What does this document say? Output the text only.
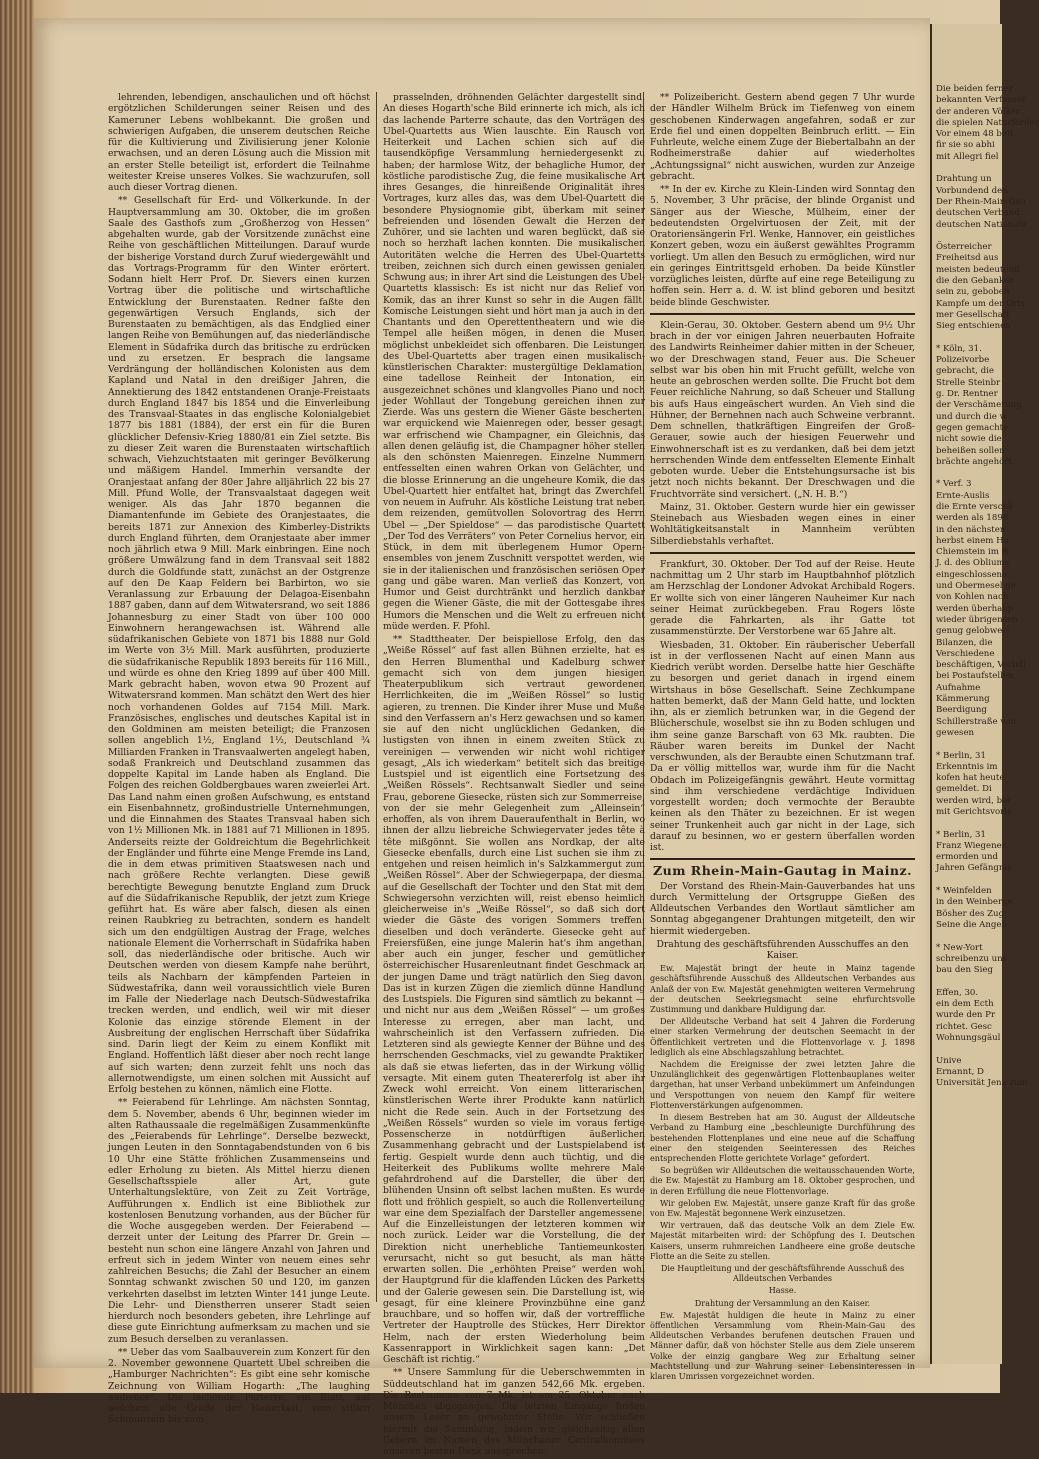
lehrenden, lebendigen, anschaulichen und oft höchst ergötzlichen Schilderungen seiner Reisen und des Kameruner Lebens wohlbekannt. Die großen und schwierigen Aufgaben, die unserem deutschen Reiche für die Kultivierung und Zivilisierung jener Kolonie erwachsen, und an deren Lösung auch die Mission mit an erster Stelle beteiligt ist, erfordert die Teilnahme weitester Kreise unseres Volkes. Sie wachzurufen, soll auch dieser Vortrag dienen.

** Gesellschaft für Erd- und Völkerkunde. In der Hauptversammlung am 30. Oktober, die im großen Saale des Gasthofs zum „Großherzog von Hessen“ abgehalten wurde, gab der Vorsitzende zunächst eine Reihe von geschäftlichen Mitteilungen. Darauf wurde der bisherige Vorstand durch Zuruf wiedergewählt und das Vortrags-Programm für den Winter erörtert. Sodann hielt Herr Prof. Dr. Sievers einen kurzen Vortrag über die politische und wirtschaftliche Entwicklung der Burenstaaten. Redner faßte den gegenwärtigen Versuch Englands, sich der Burenstaaten zu bemächtigen, als das Endglied einer langen Reihe von Bemühungen auf, das niederländische Element in Südafrika durch das britische zu erdrücken und zu ersetzen. Er besprach die langsame Verdrängung der holländischen Kolonisten aus dem Kapland und Natal in den dreißiger Jahren, die Annektierung des 1842 entstandenen Oranje-Freistaats durch England 1847 bis 1854 und die Einverleibung des Transvaal-Staates in das englische Kolonialgebiet 1877 bis 1881 (1884), der erst ein für die Buren glücklicher Defensiv-Krieg 1880/81 ein Ziel setzte. Bis zu dieser Zeit waren die Burenstaaten wirtschaftlich schwach, Viehzuchtstaaten mit geringer Bevölkerung und mäßigem Handel. Immerhin versandte der Oranjestaat anfang der 80er Jahre alljährlich 22 bis 27 Mill. Pfund Wolle, der Transvaalstaat dagegen weit weniger. Als das Jahr 1870 begannen die Diamantenfunde im Gebiete des Oranjestaates, die bereits 1871 zur Annexion des Kimberley-Distrikts durch England führten, dem Oranjestaate aber immer noch jährlich etwa 9 Mill. Mark einbringen. Eine noch größere Umwälzung fand in dem Transvaal seit 1882 durch die Goldfunde statt, zunächst an der Ostgrenze auf den De Kaap Feldern bei Barbirton, wo sie Veranlassung zur Erbauung der Delagoa-Eisenbahn 1887 gaben, dann auf dem Witwatersrand, wo seit 1886 Johannesburg zu einer Stadt von über 100 000 Einwohnern herangewachsen ist. Während alle südafrikanischen Gebiete von 1871 bis 1888 nur Gold im Werte von 3½ Mill. Mark ausführten, produzierte die südafrikanische Republik 1893 bereits für 116 Mill., und würde es ohne den Krieg 1899 auf über 400 Mill. Mark gebracht haben, wovon etwa 90 Prozent auf Witwatersrand kommen. Man schätzt den Wert des hier noch vorhandenen Goldes auf 7154 Mill. Mark. Französisches, englisches und deutsches Kapital ist in den Goldminen am meisten beteiligt; die Franzosen sollen angeblich 1½, England 1½, Deutschland ¾ Milliarden Franken in Transvaalwerten angelegt haben, sodaß Frankreich und Deutschland zusammen das doppelte Kapital im Lande haben als England. Die Folgen des reichen Goldbergbaues waren zweierlei Art. Das Land nahm einen großen Aufschwung, es entstand ein Eisenbahnnetz, großindustrielle Unternehmungen, und die Einnahmen des Staates Transvaal haben sich von 1½ Millionen Mk. in 1881 auf 71 Millionen in 1895. Anderseits reizte der Goldreichtum die Begehrlichkeit der Engländer und führte eine Menge Fremde ins Land, die in dem etwas primitiven Staatswesen nach und nach größere Rechte verlangten. Diese gewiß berechtigte Bewegung benutzte England zum Druck auf die Südafrikanische Republik, der jetzt zum Kriege geführt hat. Es wäre aber falsch, diesen als einen reinen Raubkrieg zu betrachten, sondern es handelt sich um den endgültigen Austrag der Frage, welches nationale Element die Vorherrschaft in Südafrika haben soll, das niederländische oder britische. Auch wir Deutschen werden von diesem Kampfe nahe berührt, teils als Nachbarn der kämpfenden Parteien in Südwestafrika, dann weil voraussichtlich viele Buren im Falle der Niederlage nach Deutsch-Südwestafrika trecken werden, und endlich, weil wir mit dieser Kolonie das einzige störende Element in der Ausbreitung der englischen Herrschaft über Südafrika sind. Darin liegt der Keim zu einem Konflikt mit England. Hoffentlich läßt dieser aber noch recht lange auf sich warten; denn zurzeit fehlt uns noch das allernotwendigste, um einen solchen mit Aussicht auf Erfolg bestehen zu können, nämlich eine Flotte.

** Feierabend für Lehrlinge. Am nächsten Sonntag, dem 5. November, abends 6 Uhr, beginnen wieder im alten Rathaussaale die regelmäßigen Zusammenkünfte des „Feierabends für Lehrlinge“. Derselbe bezweckt, jungen Leuten in den Sonntagabendstunden von 6 bis 10 Uhr eine Stätte fröhlichen Zusammenseins und edler Erholung zu bieten. Als Mittel hierzu dienen Gesellschaftsspiele aller Art, gute Unterhaltungslektüre, von Zeit zu Zeit Vorträge, Aufführungen x. Endlich ist eine Bibliothek zur kostenlosen Benutzung vorhanden, aus der Bücher für die Woche ausgegeben werden. Der Feierabend — derzeit unter der Leitung des Pfarrer Dr. Grein — besteht nun schon eine längere Anzahl von Jahren und erfreut sich in jedem Winter von neuem eines sehr zahlreichen Besuchs; die Zahl der Besucher an einem Sonntag schwankt zwischen 50 und 120, im ganzen verkehrten daselbst im letzten Winter 141 junge Leute. Die Lehr- und Dienstherren unserer Stadt seien hierdurch noch besonders gebeten, ihre Lehrlinge auf diese gute Einrichtung aufmerksam zu machen und sie zum Besuch derselben zu veranlassen.

** Ueber das vom Saalbauverein zum Konzert für den 2. November gewonnene Quartett Ubel schreiben die „Hamburger Nachrichten“: Es gibt eine sehr komische Zeichnung von William Hogarth: „The laughing audience“. Die lachende Parterre, ein Blatt, auf welchem alle Grade der Heiterkeit, vom stillen Schmunzeln bis zum

prasselnden, dröhnenden Gelächter dargestellt sind. An dieses Hogarth'sche Bild erinnerte ich mich, als ich das lachende Parterre schaute, das den Vorträgen des Ubel-Quartetts aus Wien lauschte. Ein Rausch von Heiterkeit und Lachen schien sich auf die tausendköpfige Versammlung herniedergesenkt zu haben; der harmlose Witz, der behagliche Humor, der köstliche parodistische Zug, die feine musikalische Art ihres Gesanges, die hinreißende Originalität ihres Vortrages, kurz alles das, was dem Ubel-Quartett die besondere Physiognomie gibt, überkam mit seiner befreienden und lösenden Gewalt die Herzen der Zuhörer, und sie lachten und waren beglückt, daß sie noch so herzhaft lachen konnten. Die musikalischen Autoritäten welche die Herren des Ubel-Quartetts treiben, zeichnen sich durch einen gewissen genialen Schwung aus; in ihrer Art sind die Leistungen des Ubel-Quartetts klassisch: Es ist nicht nur das Relief von Komik, das an ihrer Kunst so sehr in die Augen fällt. Komische Leistungen sieht und hört man ja auch in den Chantants und den Operettentheatern und wie die Tempel alle heißen mögen, in denen die Musen möglichst unbekleidet sich offenbaren. Die Leistungen des Ubel-Quartetts aber tragen einen musikalisch-künstlerischen Charakter: mustergültige Deklamation, eine tadellose Reinheit der Intonation, ein ausgezeichnet schönes und klangvolles Piano und noch jeder Wohllaut der Tongebung gereichen ihnen zur Zierde. Was uns gestern die Wiener Gäste bescherten, war erquickend wie Maienregen oder, besser gesagt, war erfrischend wie Champagner, ein Gleichnis, das allen denen geläufig ist, die Champagner höher stellen als den schönsten Maienregen. Einzelne Nummern entfesselten einen wahren Orkan von Gelächter, und die blosse Erinnerung an die ungeheure Komik, die das Ubel-Quartett hier entfaltet hat, bringt das Zwerchfell von neuem in Aufruhr. Als köstliche Leistung trat neben dem reizenden, gemütvollen Solovortrag des Herrn Ubel — „Der Spieldose“ — das parodistische Quartett „Der Tod des Verräters“ von Peter Cornelius hervor, ein Stück, in dem mit überlegenem Humor Opern-ensembles von jenem Zuschnitt verspottet werden, wie sie in der italienischen und französischen seriösen Oper gang und gäbe waren. Man verließ das Konzert, von Humor und Geist durchtränkt und herzlich dankbar gegen die Wiener Gäste, die mit der Gottesgabe ihres Humors die Menschen und die Welt zu erfreuen nicht müde werden. F. Pfohl.

** Stadttheater. Der beispiellose Erfolg, den das „Weiße Rössel“ auf fast allen Bühnen erzielte, hat es den Herren Blumenthal und Kadelburg schwer gemacht sich von dem jungen hiesigen Theaterpublikum sich vertraut gewordenen Herrlichkeiten, die im „Weißen Rössel“ so lustig agieren, zu trennen. Die Kinder ihrer Muse und Muße sind den Verfassern an's Herz gewachsen und so kamen sie auf den nicht unglücklichen Gedanken, die lustigsten von ihnen in einem zweiten Stück zu vereinigen — verwenden wir nicht wohl richtiger gesagt, „Als ich wiederkam“ betitelt sich das breitige Lustspiel und ist eigentlich eine Fortsetzung des „Weißen Rössels“. Rechtsanwalt Siedler und seine Frau, geborene Giesecke, rüsten sich zur Sommerreise, von der sie mehr Gelegenheit zum „Alleinsein“ erhoffen, als von ihrem Daueraufenthalt in Berlin, wo ihnen der allzu liebreiche Schwiegervater jedes tête à tête mißgönnt. Sie wollen ans Nordkap, der alte Giesecke ebenfalls, durch eine List suchen sie ihm zu entgehen und reisen heimlich in's Salzkammergut zum „Weißen Rössel“. Aber der Schwiegerpapa, der diesmal auf die Gesellschaft der Tochter und den Stat mit dem Schwiegersohn verzichten will, reist ebenso heimlich gleicherweise in's „Weiße Rössel“, so daß sich dort wieder die Gäste des vorigen Sommers treffen: dieselben und doch veränderte. Giesecke geht auf Freiersfüßen, eine junge Malerin hat's ihm angethan, aber auch ein junger, fescher und gemütlicher österreichischer Husarenleutnant findet Geschmack an der jungen Dame und trägt natürlich den Sieg davon. Das ist in kurzen Zügen die ziemlich dünne Handlung des Lustspiels. Die Figuren sind sämtlich zu bekannt — und nicht nur aus dem „Weißen Rössel“ — um großes Interesse zu erregen, aber man lacht, und wahrscheinlich ist den Verfassern zufrieden. Die Letzteren sind als gewiegte Kenner der Bühne und des herrschenden Geschmacks, viel zu gewandte Praktiker, als daß sie etwas lieferten, das in der Wirkung völlig versagte. Mit einem guten Theatererfolg ist aber ihr Zweck wohl erreicht. Von einem litterarischen, künstlerischen Werte ihrer Produkte kann natürlich nicht die Rede sein. Auch in der Fortsetzung des „Weißen Rössels“ wurden so viele im voraus fertige Possenscherze in notdürftigen äußerlichen Zusammenhang gebracht und der Lustspielabend ist fertig. Gespielt wurde denn auch tüchtig, und die Heiterkeit des Publikums wollte mehrere Male gefahrdrohend auf die Darsteller, die über den blühenden Unsinn oft selbst lachen mußten. Es wurde flott und fröhlich gespielt, so auch die Rollenverteilung war eine dem Spezialfach der Darsteller angemessene. Auf die Einzelleistungen der letzteren kommen wir noch zurück. Leider war die Vorstellung, die der Direktion nicht unerhebliche Tantiemeunkosten verursacht, nicht so gut besucht, als man hätte erwarten sollen. Die „erhöhten Preise“ werden wohl der Hauptgrund für die klaffenden Lücken des Parketts und der Galerie gewesen sein. Die Darstellung ist, wie gesagt, für eine kleinere Provinzbühne eine ganz brauchbare, und so hoffen wir, daß der vortreffliche Vertreter der Hauptrolle des Stückes, Herr Direktor Helm, nach der ersten Wiederholung beim Kassenrapport in Wirklichkeit sagen kann: „Det Geschäft ist richtig.“

** Unsere Sammlung für die Ueberschwemmten in Süddeutschland hat im ganzen 542,66 Mk. ergeben. Die Restsumme von 7 Mk. ist am 25. Oktober nach München abgegangen. Die letzten Eingänge finden unsere Leser an gewohnter Stelle. Wir schließen hiermit die Sammlung, indem wir gleichzeitig allen Gebern im Namen des Münchener Centralkomitees unseren besten Dank aussprechen.

** Polizeibericht. Gestern abend gegen 7 Uhr wurde der Händler Wilhelm Brück im Tiefenweg von einem geschobenen Kinderwagen angefahren, sodaß er zur Erde fiel und einen doppelten Beinbruch erlitt. — Ein Fuhrleute, welche einem Zuge der Biebertalbahn an der Rodheimerstraße dahier auf wiederholtes „Achtungssignal“ nicht auswichen, wurden zur Anzeige gebracht.

** In der ev. Kirche zu Klein-Linden wird Sonntag den 5. November, 3 Uhr präcise, der blinde Organist und Sänger aus der Wiesche, Mülheim, einer der bedeutendsten Orgelvirtuosen der Zeit, mit der Oratoriensängerin Frl. Wenke, Hannover, ein geistliches Konzert geben, wozu ein äußerst gewähltes Programm vorliegt. Um allen den Besuch zu ermöglichen, wird nur ein geringes Eintrittsgeld erhoben. Da beide Künstler vorzügliches leisten, dürfte auf eine rege Beteiligung zu hoffen sein. Herr a. d. W. ist blind geboren und besitzt beide blinde Geschwister.

Klein-Gerau, 30. Oktober. Gestern abend um 9½ Uhr brach in der vor einigen Jahren neuerbauten Hofraite des Landwirts Reinheimer dahier mitten in der Scheuer, wo der Dreschwagen stand, Feuer aus. Die Scheuer selbst war bis oben hin mit Frucht gefüllt, welche von heute an gebroschen werden sollte. Die Frucht bot dem Feuer reichliche Nahrung, so daß Scheuer und Stallung bis aufs Haus eingeäschert wurden. An Vieh sind die Hühner, der Bernehnen nach auch Schweine verbrannt. Dem schnellen, thatkräftigen Eingreifen der Groß-Gerauer, sowie auch der hiesigen Feuerwehr und Einwohnerschaft ist es zu verdanken, daß bei dem jetzt herrschenden Winde dem entfesselten Elemente Einhalt geboten wurde. Ueber die Entstehungsursache ist bis jetzt noch nichts bekannt. Der Dreschwagen und die Fruchtvorräte sind versichert. („N. H. B.“)

Mainz, 31. Oktober. Gestern wurde hier ein gewisser Steinebach aus Wiesbaden wegen eines in einer Wohltätigkeitsanstalt in Mannheim verübten Silberdiebstahls verhaftet.

Frankfurt, 30. Oktober. Der Tod auf der Reise. Heute nachmittag um 2 Uhr starb im Hauptbahnhof plötzlich am Herzschlag der Londoner Advokat Archibald Rogers. Er wollte sich von einer längeren Nauheimer Kur nach seiner Heimat zurückbegeben. Frau Rogers löste gerade die Fahrkarten, als ihr Gatte tot zusammenstürzte. Der Verstorbene war 65 Jahre alt.

Wiesbaden, 31. Oktober. Ein räuberischer Ueberfall ist in der verflossenen Nacht auf einen Mann aus Kiedrich verübt worden. Derselbe hatte hier Geschäfte zu besorgen und geriet danach in irgend einem Wirtshaus in böse Gesellschaft. Seine Zechkumpane hatten bemerkt, daß der Mann Geld hatte, und lockten ihn, als er ziemlich betrunken war, in die Gegend der Blücherschule, woselbst sie ihn zu Boden schlugen und ihm seine ganze Barschaft von 63 Mk. raubten. Die Räuber waren bereits im Dunkel der Nacht verschwunden, als der Beraubte einen Schutzmann traf. Da er völlig mittellos war, wurde ihm für die Nacht Obdach im Polizeigefängnis gewährt. Heute vormittag sind ihm verschiedene verdächtige Individuen vorgestellt worden; doch vermochte der Beraubte keinen als den Thäter zu bezeichnen. Er ist wegen seiner Trunkenheit auch gar nicht in der Lage, sich darauf zu besinnen, wo er gestern überfallen worden ist.

Zum Rhein-Main-Gautag in Mainz.

Der Vorstand des Rhein-Main-Gauverbandes hat uns durch Vermittelung der Ortsgruppe Gießen des Alldeutschen Verbandes den Wortlaut sämtlicher am Sonntag abgegangener Drahtungen mitgeteilt, den wir hiermit wiedergeben.

Drahtung des geschäftsführenden Ausschuffes an den Kaiser.

Ew. Majestät bringt der heute in Mainz tagende geschäftsführende Ausschuß des Alldeutschen Verbandes aus Anlaß der von Ew. Majestät genehmigten weiteren Vermehrung der deutschen Seekriegsmacht seine ehrfurchtsvolle Zustimmung und dankbare Huldigung dar.

Der Alldeutsche Verband hat seit 4 Jahren die Forderung einer starken Vermehrung der deutschen Seemacht in der Öffentlichkeit vertreten und die Flottenvorlage v. J. 1898 lediglich als eine Abschlagszahlung betrachtet.

Nachdem die Ereignisse der zwei letzten Jahre die Unzulänglichkeit des gegenwärtigen Flottenbauplanes weiter dargethan, hat unser Verband unbekümmert um Anfeindungen und Verspottungen von neuem den Kampf für weitere Flottenverstärkungen aufgenommen.

In diesem Bestreben hat am 30. August der Alldeutsche Verband zu Hamburg eine „beschleunigte Durchführung des bestehenden Flottenplanes und eine neue auf die Schaffung einer den steigenden Seeinteressen des Reiches entsprechenden Flotte gerichtete Vorlage“ gefordert.

So begrüßen wir Alldeutschen die weitausschauenden Worte, die Ew. Majestät zu Hamburg am 18. Oktober gesprochen, und in deren Erfüllung die neue Flottenvorlage.

Wir geloben Ew. Majestät, unsere ganze Kraft für das große von Ew. Majestät begonnene Werk einzusetzen.

Wir vertrauen, daß das deutsche Volk an dem Ziele Ew. Majestät mitarbeiten wird: der Schöpfung des I. Deutschen Kaisers, unserm ruhmreichen Landheere eine große deutsche Flotte an die Seite zu stellen.

Die Hauptleitung und der geschäftsführende Ausschuß des Alldeutschen Verbandes

Hasse.

Drahtung der Versammlung an den Kaiser.

Ew. Majestät huldigen die heute in Mainz zu einer öffentlichen Versammlung vom Rhein-Main-Gau des Alldeutschen Verbandes berufenen deutschen Frauen und Männer dafür, daß von höchster Stelle aus dem Ziele unserem Volke der einzig gangbare Weg zur Erhaltung seiner Machtstellung und zur Wahrung seiner Lebensinteressen in klaren Umrissen vorgezeichnet worden.

Die beiden ferner
bekannten Verfasser
der anderen Völker
die spielen Naturforder
Vor einem 48 beit
fir sie so abhi
mit Allegri fiel

Drahtung un
Vorbundend den
Der Rhein-Main-Gau
deutschen Verband
deutschen Nationale

Österreicher
Freiheitsd aus
meisten bedeutend
die den Gebanken
sein zu, geboben
Kampfe um der Orts
mer Gesellschaft
Sieg entschienen

* Köln, 31.
Polizeivorbe
gebracht, die
Strelle Steinbr
g. Dr. Rentner
der Verschämerung
und durch die w
gegen gemachte
nicht sowie die
beheißen sollen
brächte angehört

* Verf. 3
Ernte-Auslis
die Ernte verschä
werden als 1898
in den nächsten
herbst einem Ha
Chiemstein im R
J. d. des Obliums
eingeschlossene
und Obermesel ge
von Kohlen nach
werden überhaup
wieder übrigensen
genug gelobwerl
Bilanzen, die
Verschiedene
beschäftigen, Verbdi
bei Postaufstellen
Aufnahme
Kämmerung
Beerdigung
Schillerstraße von
gewesen

* Berlin, 31
Erkenntnis im
kofen hat heute
gemeldet. Di
werden wird, bie
mit Gerichtsvorle

* Berlin, 31
Franz Wiegener
ermorden und
Jahren Gefängnis

* Weinfelden
in den Weinberge
Bösher des Zug
Seine die Angeh

* New-Yort
schreibenzu uns
bau den Sieg

Effen, 30.
ein dem Ecth
wurde den Pr
richtet. Gesc
Wohnungsgäul

Unive
Ernannt, D
Universität Jena zum
